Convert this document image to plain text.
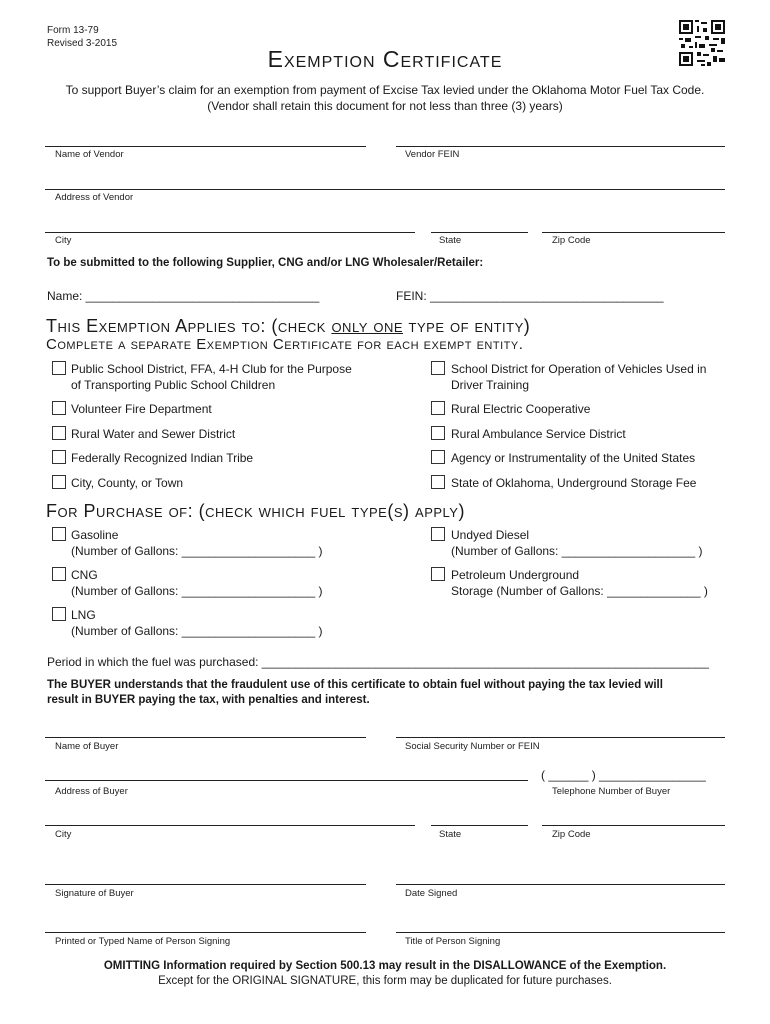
Form 13-79
Revised 3-2015
Exemption Certificate
To support Buyer’s claim for an exemption from payment of Excise Tax levied under the Oklahoma Motor Fuel Tax Code.
(Vendor shall retain this document for not less than three (3) years)
Name of Vendor	Vendor FEIN
Address of Vendor
City	State	Zip Code
To be submitted to the following Supplier, CNG and/or LNG Wholesaler/Retailer:
Name: ___________________________________	FEIN: ___________________________________
This Exemption Applies to: (check only one type of entity)
Complete a separate Exemption Certificate for each exempt entity.
Public School District, FFA, 4-H Club for the Purpose
of Transporting Public School Children
Volunteer Fire Department
Rural Water and Sewer District
Federally Recognized Indian Tribe
City, County, or Town
School District for Operation of Vehicles Used in
Driver Training
Rural Electric Cooperative
Rural Ambulance Service District
Agency or Instrumentality of the United States
State of Oklahoma, Underground Storage Fee
For Purchase of: (check which fuel type(s) apply)
Gasoline
(Number of Gallons: ____________________ )
CNG
(Number of Gallons: ____________________ )
LNG
(Number of Gallons: ____________________ )
Undyed Diesel
(Number of Gallons: ____________________ )
Petroleum Underground
Storage (Number of Gallons: ______________ )
Period in which the fuel was purchased: ___________________________________________________________________
The BUYER understands that the fraudulent use of this certificate to obtain fuel without paying the tax levied will
result in BUYER paying the tax, with penalties and interest.
Name of Buyer	Social Security Number or FEIN
( ______ ) ________________
Address of Buyer	Telephone Number of Buyer
City	State	Zip Code
Signature of Buyer	Date Signed
Printed or Typed Name of Person Signing	Title of Person Signing
OMITTING Information required by Section 500.13 may result in the DISALLOWANCE of the Exemption.
Except for the ORIGINAL SIGNATURE, this form may be duplicated for future purchases.
